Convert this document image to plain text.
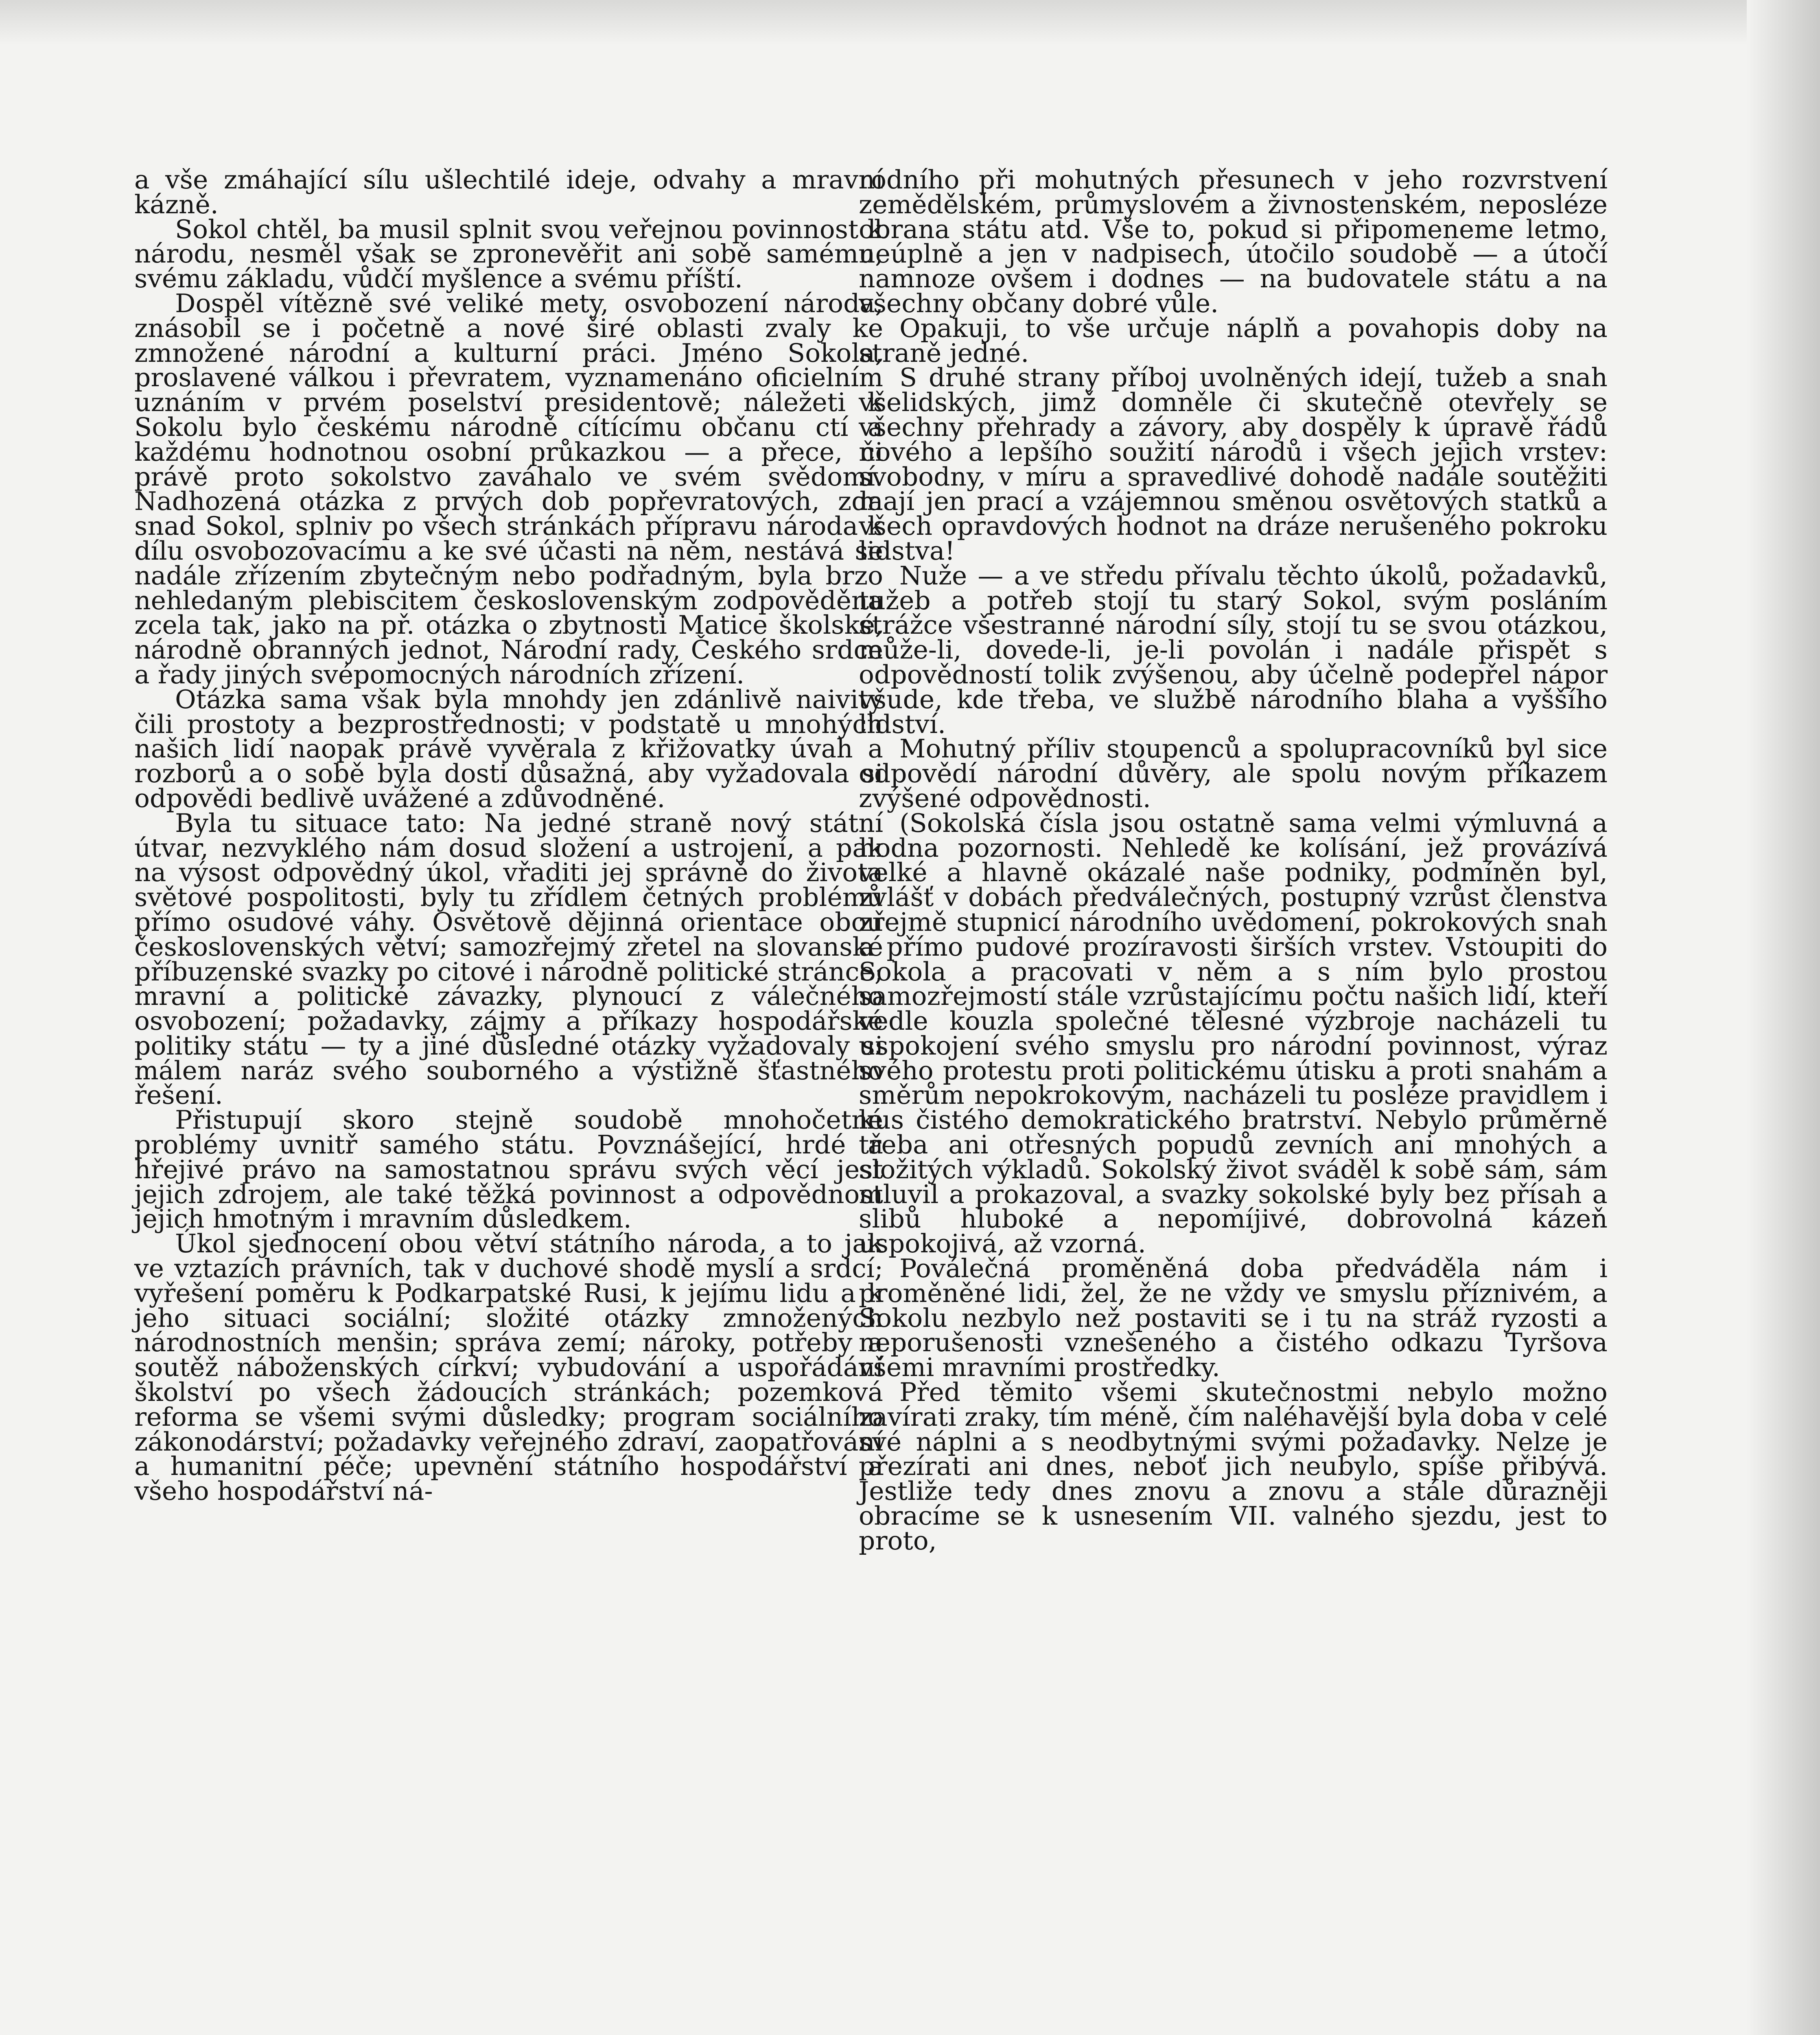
a vše zmáhající sílu ušlechtilé ideje, odvahy a mravní kázně.

Sokol chtěl, ba musil splnit svou veřejnou povinnost k národu, nesměl však se zpronevěřit ani sobě samému, svému základu, vůdčí myšlence a svému příští.

Dospěl vítězně své veliké mety, osvobození národa, znásobil se i početně a nové širé oblasti zvaly ke zmnožené národní a kulturní práci. Jméno Sokola, proslavené válkou i převratem, vyznamenáno oficielním uznáním v prvém poselství presidentově; náležeti k Sokolu bylo českému národně cítícímu občanu ctí a každému hodnotnou osobní průkazkou — a přece, či právě proto sokolstvo zaváhalo ve svém svědomí. Nadhozená otázka z prvých dob popřevratových, zda snad Sokol, splniv po všech stránkách přípravu národa k dílu osvobozovacímu a ke své účasti na něm, nestává se nadále zřízením zbytečným nebo podřadným, byla brzo nehledaným plebiscitem československým zodpověděna zcela tak, jako na př. otázka o zbytnosti Matice školské, národně obranných jednot, Národní rady, Českého srdce a řady jiných svépomocných národních zřízení.

Otázka sama však byla mnohdy jen zdánlivě naivity čili prostoty a bezprostřednosti; v podstatě u mnohých našich lidí naopak právě vyvěrala z křižovatky úvah a rozborů a o sobě byla dosti důsažná, aby vyžadovala si odpovědi bedlivě uvážené a zdůvodněné.

Byla tu situace tato: Na jedné straně nový státní útvar, nezvyklého nám dosud složení a ustrojení, a pak na výsost odpovědný úkol, vřaditi jej správně do života světové pospolitosti, byly tu zřídlem četných problémů přímo osudové váhy. Osvětově dějinná orientace obou československých větví; samozřejmý zřetel na slovanské příbuzenské svazky po citové i národně politické stránce; mravní a politické závazky, plynoucí z válečného osvobození; požadavky, zájmy a příkazy hospodářské politiky státu — ty a jiné důsledné otázky vyžadovaly si málem naráz svého souborného a výstižně šťastného řešení.

Přistupují skoro stejně soudobě mnohočetné problémy uvnitř samého státu. Povznášející, hrdé a hřejivé právo na samostatnou správu svých věcí jest jejich zdrojem, ale také těžká povinnost a odpovědnost jejich hmotným i mravním důsledkem.

Úkol sjednocení obou větví státního národa, a to jak ve vztazích právních, tak v duchové shodě myslí a srdcí; vyřešení poměru k Podkarpatské Rusi, k jejímu lidu a k jeho situaci sociální; složité otázky zmnožených národnostních menšin; správa zemí; nároky, potřeby a soutěž náboženských církví; vybudování a uspořádání školství po všech žádoucích stránkách; pozemková reforma se všemi svými důsledky; program sociálního zákonodárství; požadavky veřejného zdraví, zaopatřování a humanitní péče; upevnění státního hospodářství a všeho hospodářství ná-

rodního při mohutných přesunech v jeho rozvrstvení zemědělském, průmyslovém a živnostenském, neposléze obrana státu atd. Vše to, pokud si připomeneme letmo, neúplně a jen v nadpisech, útočilo soudobě — a útočí namnoze ovšem i dodnes — na budovatele státu a na všechny občany dobré vůle.

Opakuji, to vše určuje náplň a povahopis doby na straně jedné.

S druhé strany příboj uvolněných idejí, tužeb a snah všelidských, jimž domněle či skutečně otevřely se všechny přehrady a závory, aby dospěly k úpravě řádů nového a lepšího soužití národů i všech jejich vrstev: svobodny, v míru a spravedlivé dohodě nadále soutěžiti mají jen prací a vzájemnou směnou osvětových statků a všech opravdových hodnot na dráze nerušeného pokroku lidstva!

Nuže — a ve středu přívalu těchto úkolů, požadavků, tužeb a potřeb stojí tu starý Sokol, svým posláním strážce všestranné národní síly, stojí tu se svou otázkou, může-li, dovede-li, je-li povolán i nadále přispět s odpovědností tolik zvýšenou, aby účelně podepřel nápor všude, kde třeba, ve službě národního blaha a vyššího lidství.

Mohutný příliv stoupenců a spolupracovníků byl sice odpovědí národní důvěry, ale spolu novým příkazem zvýšené odpovědnosti.

(Sokolská čísla jsou ostatně sama velmi výmluvná a hodna pozornosti. Nehledě ke kolísání, jež provázívá velké a hlavně okázalé naše podniky, podmíněn byl, zvlášť v dobách předválečných, postupný vzrůst členstva zřejmě stupnicí národního uvědomení, pokrokových snah a přímo pudové prozíravosti širších vrstev. Vstoupiti do Sokola a pracovati v něm a s ním bylo prostou samozřejmostí stále vzrůstajícímu počtu našich lidí, kteří vedle kouzla společné tělesné výzbroje nacházeli tu uspokojení svého smyslu pro národní povinnost, výraz svého protestu proti politickému útisku a proti snahám a směrům nepokrokovým, nacházeli tu posléze pravidlem i kus čistého demokratického bratrství. Nebylo průměrně třeba ani otřesných popudů zevních ani mnohých a složitých výkladů. Sokolský život sváděl k sobě sám, sám mluvil a prokazoval, a svazky sokolské byly bez přísah a slibů hluboké a nepomíjivé, dobrovolná kázeň uspokojivá, až vzorná.

Poválečná proměněná doba předváděla nám i proměněné lidi, žel, že ne vždy ve smyslu příznivém, a Sokolu nezbylo než postaviti se i tu na stráž ryzosti a neporušenosti vznešeného a čistého odkazu Tyršova všemi mravními prostředky.

Před těmito všemi skutečnostmi nebylo možno zavírati zraky, tím méně, čím naléhavější byla doba v celé své náplni a s neodbytnými svými požadavky. Nelze je přezírati ani dnes, neboť jich neubylo, spíše přibývá. Jestliže tedy dnes znovu a znovu a stále důrazněji obracíme se k usnesením VII. valného sjezdu, jest to proto,
